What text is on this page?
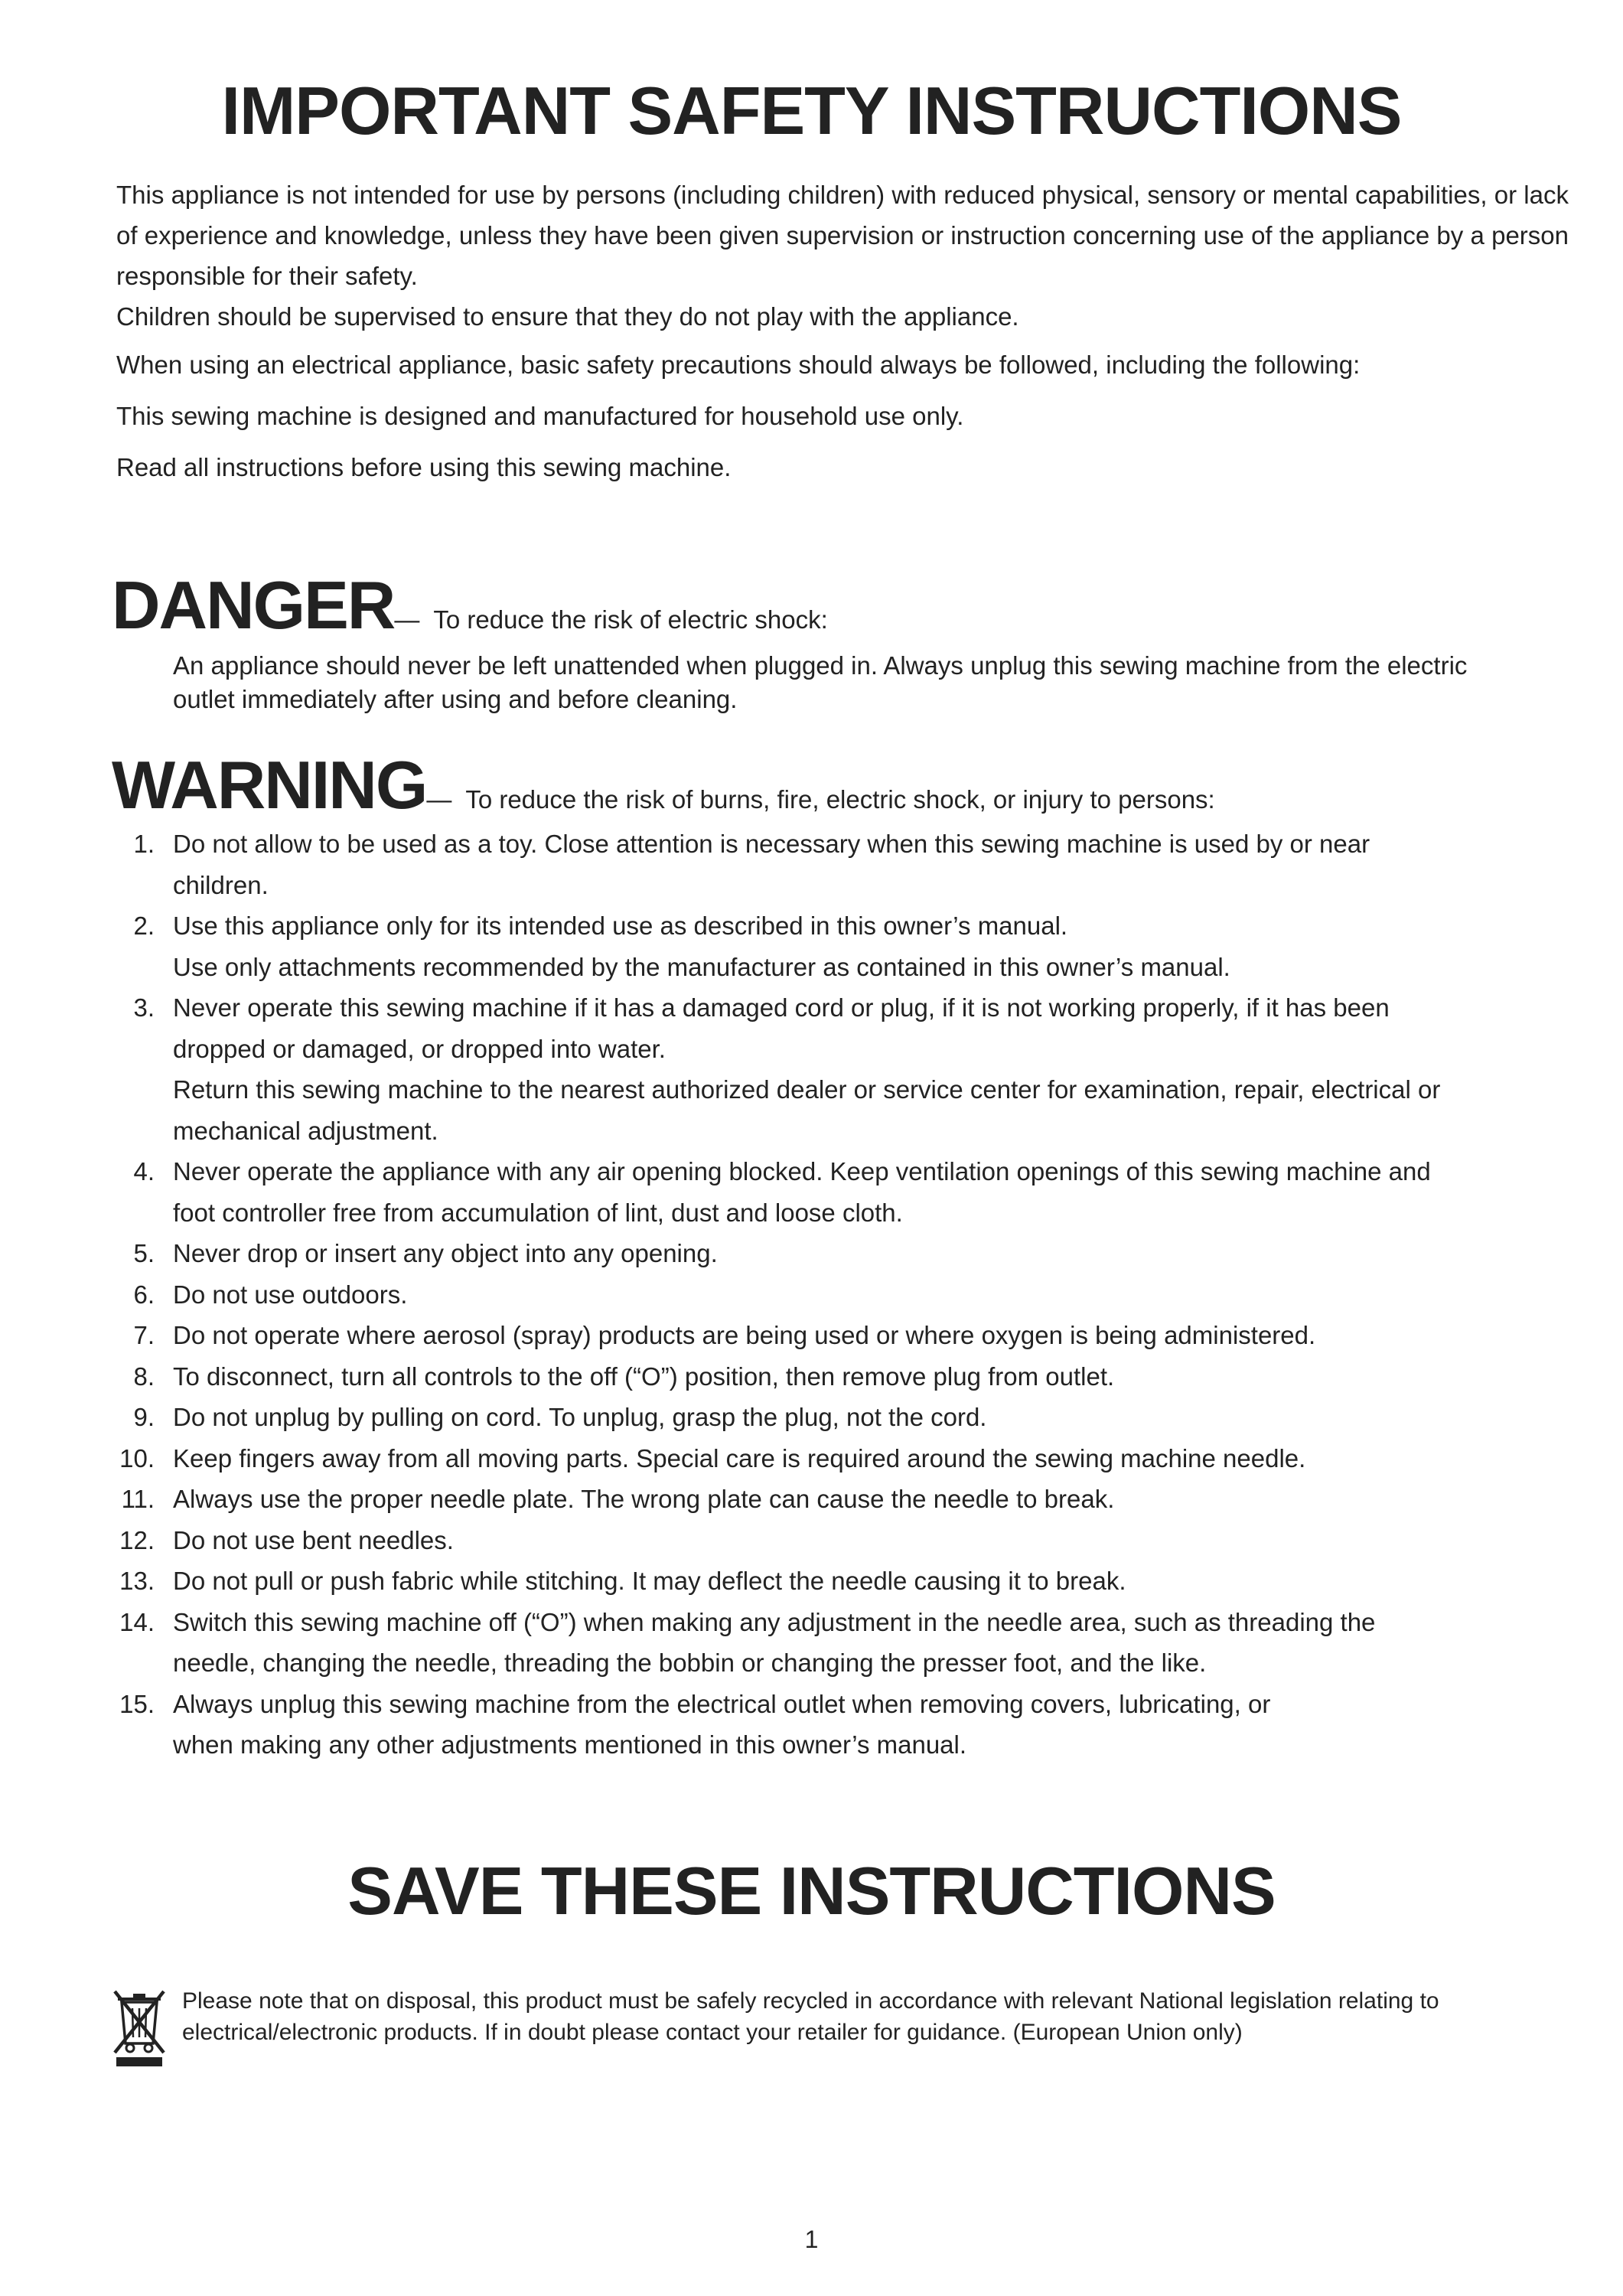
IMPORTANT SAFETY INSTRUCTIONS

This appliance is not intended for use by persons (including children) with reduced physical, sensory or mental capabilities, or lack of experience and knowledge, unless they have been given supervision or instruction concerning use of the appliance by a person responsible for their safety.

Children should be supervised to ensure that they do not play with the appliance.

When using an electrical appliance, basic safety precautions should always be followed, including the following:

This sewing machine is designed and manufactured for household use only.

Read all instructions before using this sewing machine.

DANGER— To reduce the risk of electric shock:

An appliance should never be left unattended when plugged in. Always unplug this sewing machine from the electric outlet immediately after using and before cleaning.

WARNING— To reduce the risk of burns, fire, electric shock, or injury to persons:
1. Do not allow to be used as a toy. Close attention is necessary when this sewing machine is used by or near
children.
2. Use this appliance only for its intended use as described in this owner’s manual.
Use only attachments recommended by the manufacturer as contained in this owner’s manual.
3. Never operate this sewing machine if it has a damaged cord or plug, if it is not working properly, if it has been
dropped or damaged, or dropped into water.
Return this sewing machine to the nearest authorized dealer or service center for examination, repair, electrical or
mechanical adjustment.
4. Never operate the appliance with any air opening blocked. Keep ventilation openings of this sewing machine and
foot controller free from accumulation of lint, dust and loose cloth.
5. Never drop or insert any object into any opening.
6. Do not use outdoors.
7. Do not operate where aerosol (spray) products are being used or where oxygen is being administered.
8. To disconnect, turn all controls to the off (“O”) position, then remove plug from outlet.
9. Do not unplug by pulling on cord. To unplug, grasp the plug, not the cord.
10. Keep fingers away from all moving parts. Special care is required around the sewing machine needle.
11. Always use the proper needle plate. The wrong plate can cause the needle to break.
12. Do not use bent needles.
13. Do not pull or push fabric while stitching. It may deflect the needle causing it to break.
14. Switch this sewing machine off (“O”) when making any adjustment in the needle area, such as threading the
needle, changing the needle, threading the bobbin or changing the presser foot, and the like.
15. Always unplug this sewing machine from the electrical outlet when removing covers, lubricating, or
when making any other adjustments mentioned in this owner’s manual.
SAVE THESE INSTRUCTIONS

Please note that on disposal, this product must be safely recycled in accordance with relevant National legislation relating to electrical/electronic products. If in doubt please contact your retailer for guidance. (European Union only)

1
